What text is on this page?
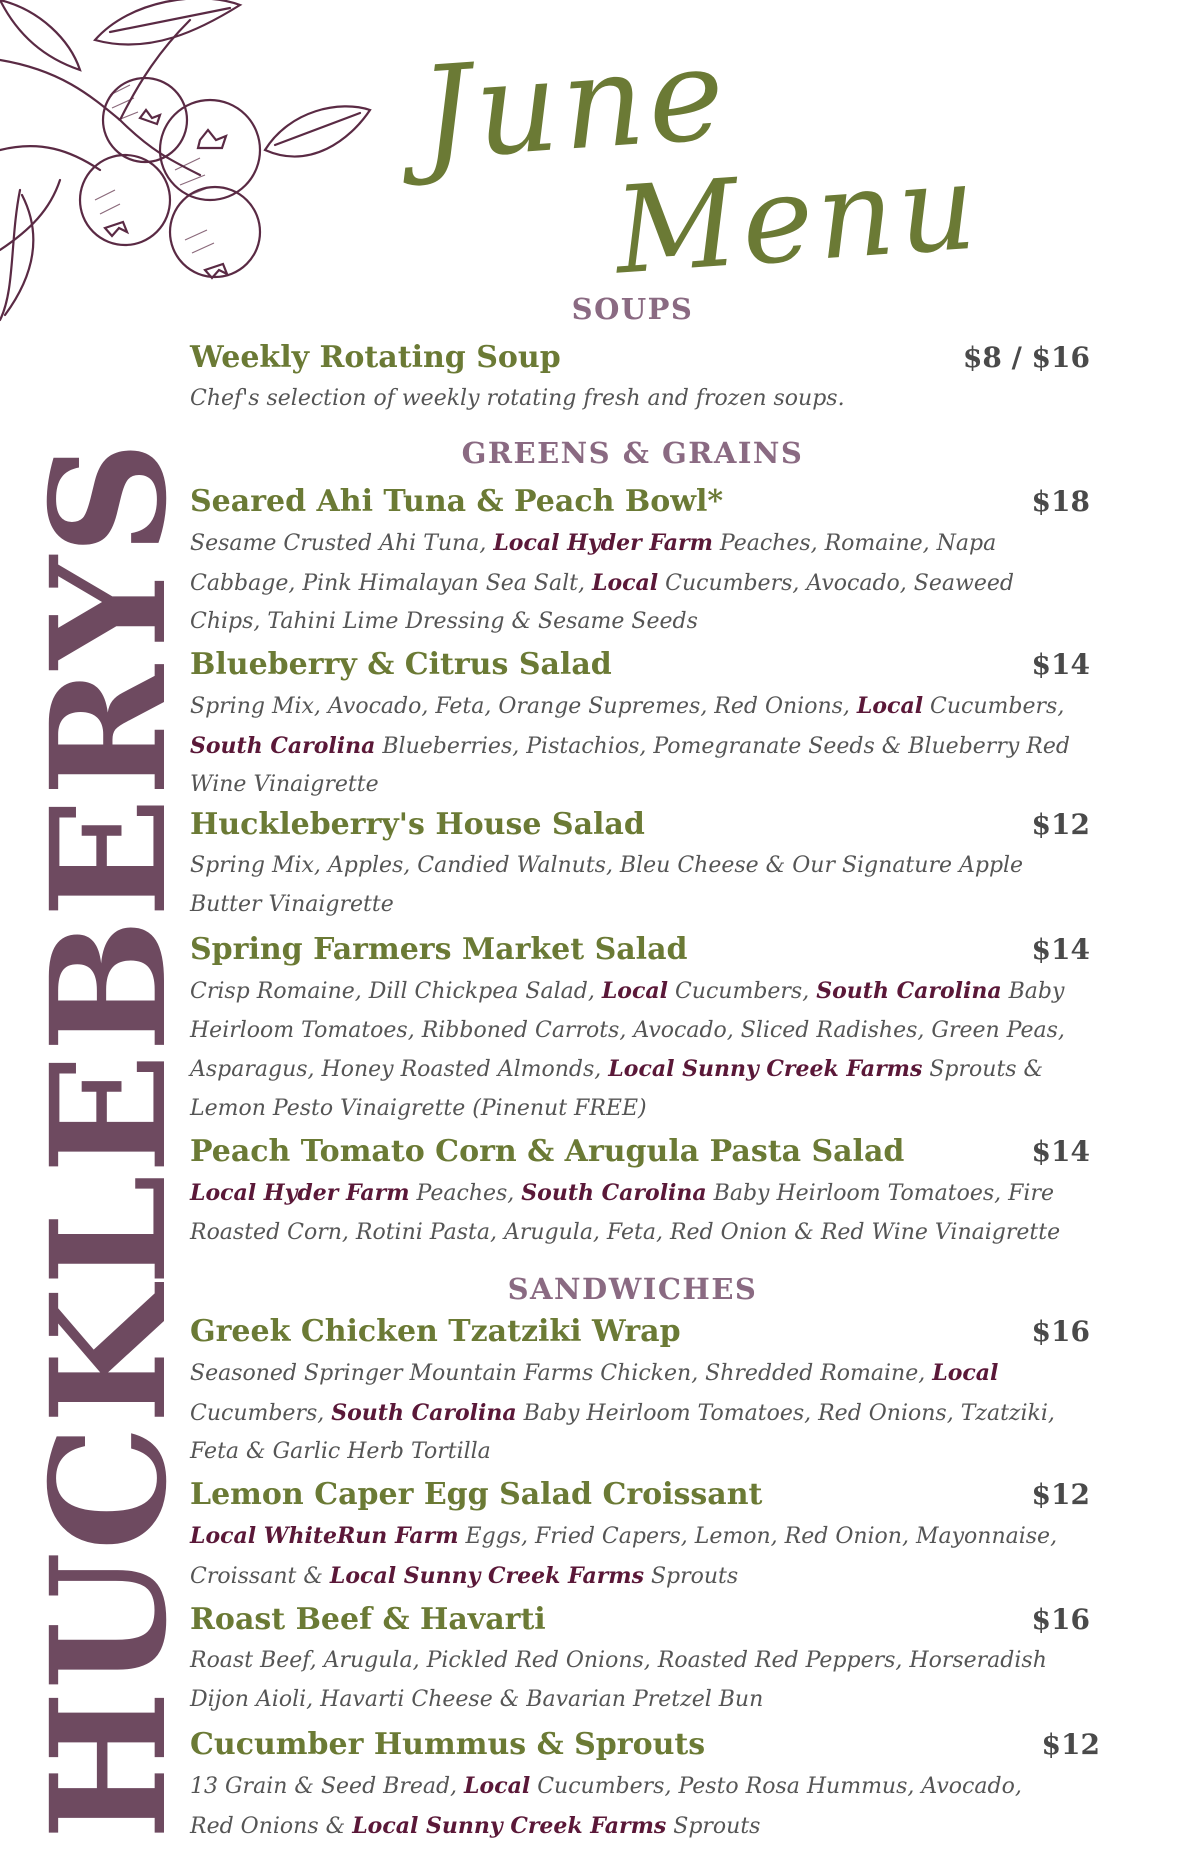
June
Menu
HUCKLEBERYS
SOUPS
Weekly Rotating Soup	$8 / $16
Chef's selection of weekly rotating fresh and frozen soups.
GREENS & GRAINS
Seared Ahi Tuna & Peach Bowl*	$18
Sesame Crusted Ahi Tuna, Local Hyder Farm Peaches, Romaine, Napa Cabbage, Pink Himalayan Sea Salt, Local Cucumbers, Avocado, Seaweed Chips, Tahini Lime Dressing & Sesame Seeds
Blueberry & Citrus Salad	$14
Spring Mix, Avocado, Feta, Orange Supremes, Red Onions, Local Cucumbers, South Carolina Blueberries, Pistachios, Pomegranate Seeds & Blueberry Red Wine Vinaigrette
Huckleberry's House Salad	$12
Spring Mix, Apples, Candied Walnuts, Bleu Cheese & Our Signature Apple Butter Vinaigrette
Spring Farmers Market Salad	$14
Crisp Romaine, Dill Chickpea Salad, Local Cucumbers, South Carolina Baby Heirloom Tomatoes, Ribboned Carrots, Avocado, Sliced Radishes, Green Peas, Asparagus, Honey Roasted Almonds, Local Sunny Creek Farms Sprouts & Lemon Pesto Vinaigrette (Pinenut FREE)
Peach Tomato Corn & Arugula Pasta Salad	$14
Local Hyder Farm Peaches, South Carolina Baby Heirloom Tomatoes, Fire Roasted Corn, Rotini Pasta, Arugula, Feta, Red Onion & Red Wine Vinaigrette
SANDWICHES
Greek Chicken Tzatziki Wrap	$16
Seasoned Springer Mountain Farms Chicken, Shredded Romaine, Local Cucumbers, South Carolina Baby Heirloom Tomatoes, Red Onions, Tzatziki, Feta & Garlic Herb Tortilla
Lemon Caper Egg Salad Croissant	$12
Local WhiteRun Farm Eggs, Fried Capers, Lemon, Red Onion, Mayonnaise, Croissant & Local Sunny Creek Farms Sprouts
Roast Beef & Havarti	$16
Roast Beef, Arugula, Pickled Red Onions, Roasted Red Peppers, Horseradish Dijon Aioli, Havarti Cheese & Bavarian Pretzel Bun
Cucumber Hummus & Sprouts	$12
13 Grain & Seed Bread, Local Cucumbers, Pesto Rosa Hummus, Avocado, Red Onions & Local Sunny Creek Farms Sprouts
